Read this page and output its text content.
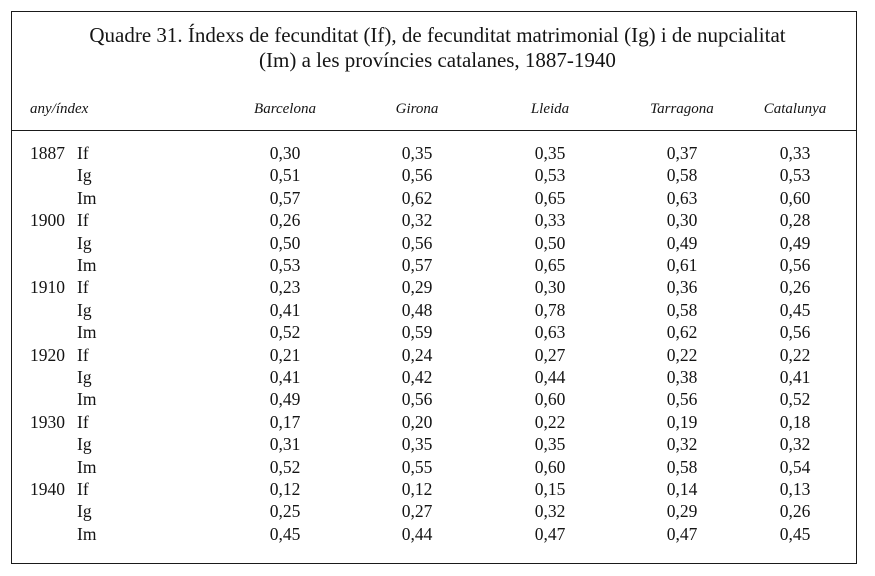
Quadre 31. Índexs de fecunditat (If), de fecunditat matrimonial (Ig) i de nupcialitat
(Im) a les províncies catalanes, 1887-1940
any/índex	Barcelona	Girona	Lleida	Tarragona	Catalunya
1887 If	0,30	0,35	0,35	0,37	0,33
Ig	0,51	0,56	0,53	0,58	0,53
Im	0,57	0,62	0,65	0,63	0,60
1900 If	0,26	0,32	0,33	0,30	0,28
Ig	0,50	0,56	0,50	0,49	0,49
Im	0,53	0,57	0,65	0,61	0,56
1910 If	0,23	0,29	0,30	0,36	0,26
Ig	0,41	0,48	0,78	0,58	0,45
Im	0,52	0,59	0,63	0,62	0,56
1920 If	0,21	0,24	0,27	0,22	0,22
Ig	0,41	0,42	0,44	0,38	0,41
Im	0,49	0,56	0,60	0,56	0,52
1930 If	0,17	0,20	0,22	0,19	0,18
Ig	0,31	0,35	0,35	0,32	0,32
Im	0,52	0,55	0,60	0,58	0,54
1940 If	0,12	0,12	0,15	0,14	0,13
Ig	0,25	0,27	0,32	0,29	0,26
Im	0,45	0,44	0,47	0,47	0,45
